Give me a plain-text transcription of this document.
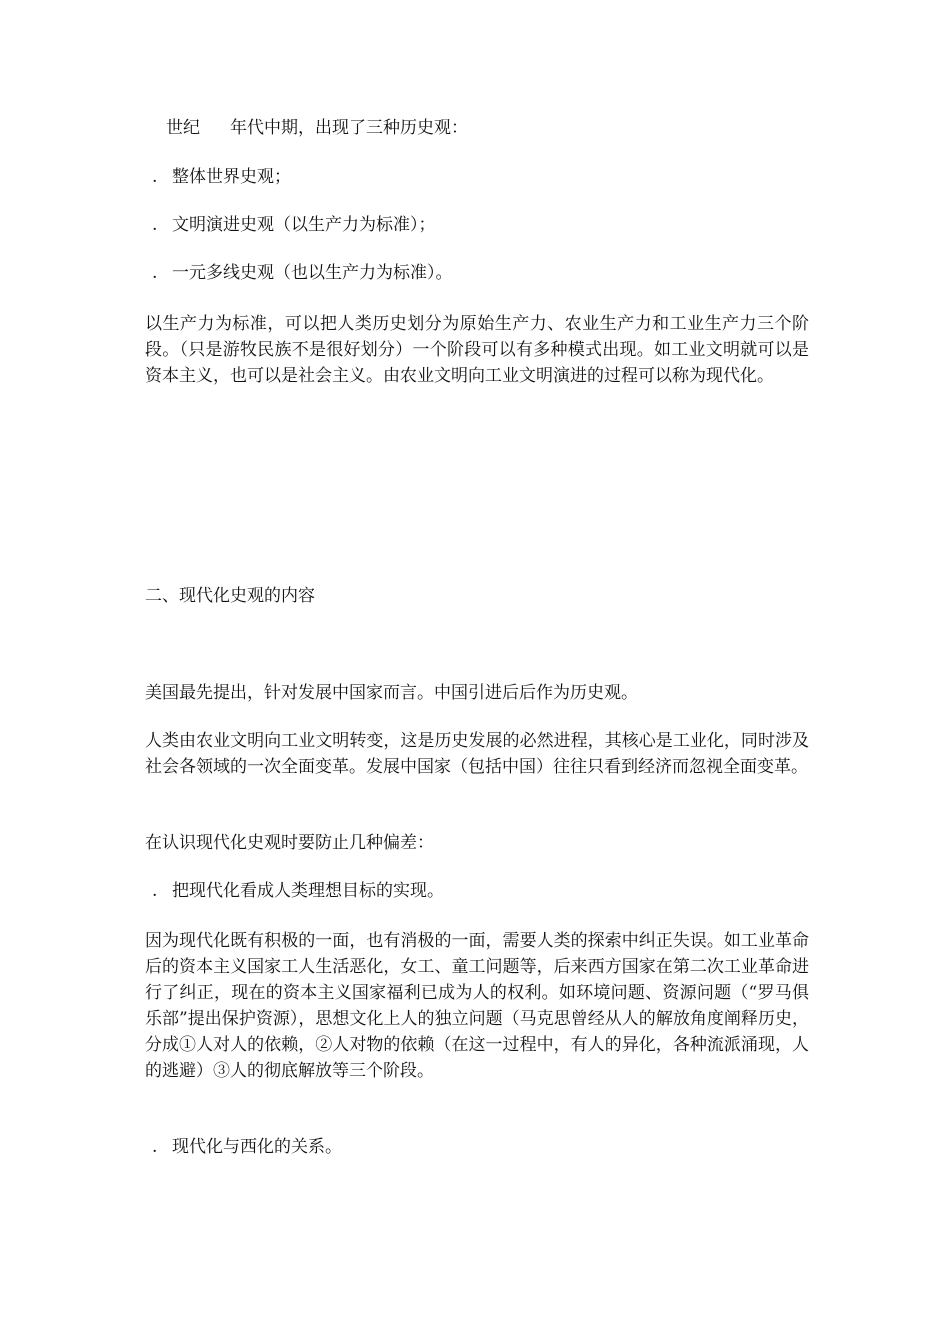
世纪 年代中期，出现了三种历史观：
. 整体世界史观；
. 文明演进史观（以生产力为标准）；
. 一元多线史观（也以生产力为标准）。
以生产力为标准，可以把人类历史划分为原始生产力、农业生产力和工业生产力三个阶段。（只是游牧民族不是很好划分）一个阶段可以有多种模式出现。如工业文明就可以是资本主义，也可以是社会主义。由农业文明向工业文明演进的过程可以称为现代化。
二、现代化史观的内容
美国最先提出，针对发展中国家而言。中国引进后后作为历史观。
人类由农业文明向工业文明转变，这是历史发展的必然进程，其核心是工业化，同时涉及社会各领域的一次全面变革。发展中国家（包括中国）往往只看到经济而忽视全面变革。
在认识现代化史观时要防止几种偏差：
. 把现代化看成人类理想目标的实现。
因为现代化既有积极的一面，也有消极的一面，需要人类的探索中纠正失误。如工业革命后的资本主义国家工人生活恶化，女工、童工问题等，后来西方国家在第二次工业革命进行了纠正，现在的资本主义国家福利已成为人的权利。如环境问题、资源问题（“罗马俱乐部”提出保护资源），思想文化上人的独立问题（马克思曾经从人的解放角度阐释历史，分成①人对人的依赖，②人对物的依赖（在这一过程中，有人的异化，各种流派涌现，人的逃避）③人的彻底解放等三个阶段。
. 现代化与西化的关系。
